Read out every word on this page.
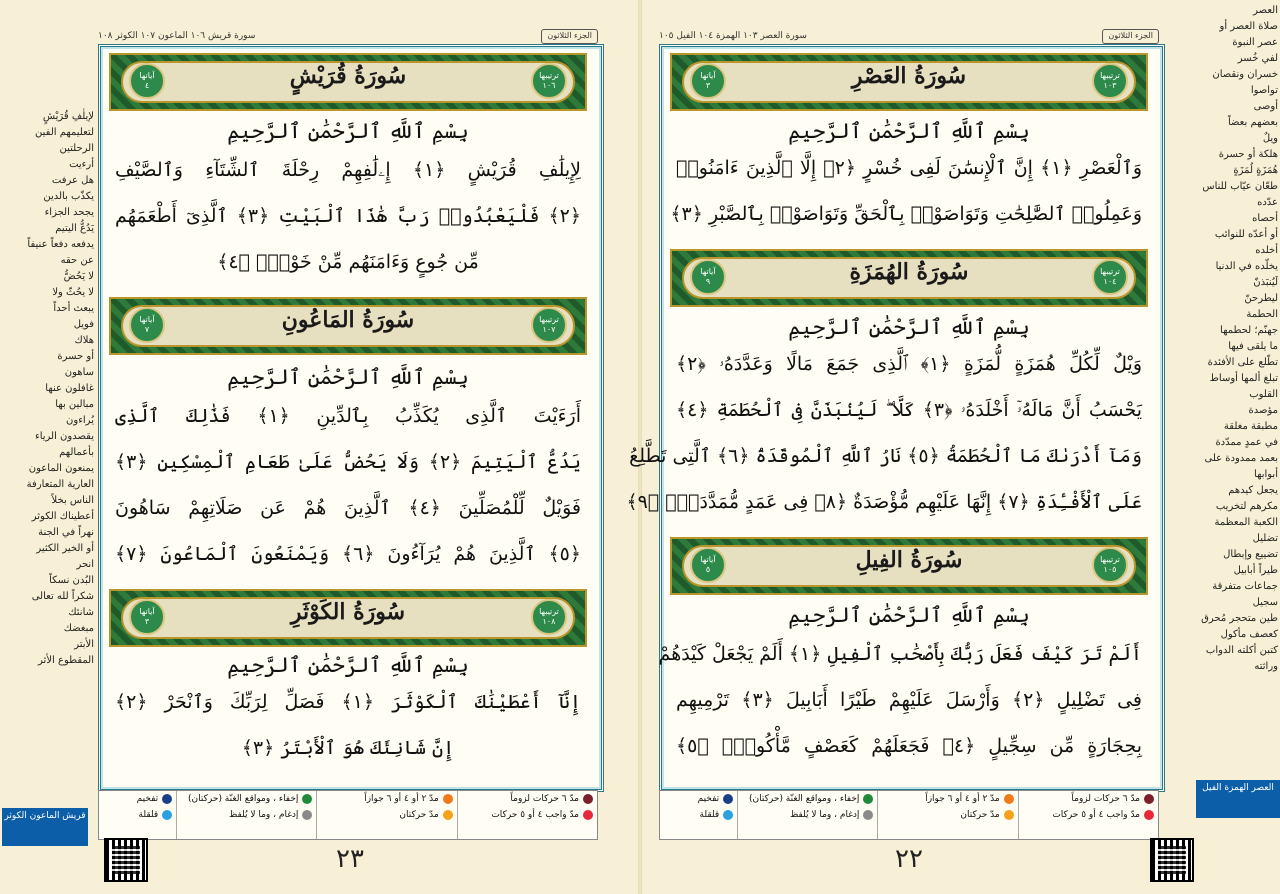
الجزء الثلاثون
سورة قريش ١٠٦ الماعون ١٠٧ الكوثر ١٠٨
ترتيبها
١٠٦
آياتها
٤	سُورَةُ قُرَيْشٍ
بِسْمِ ٱللَّهِ ٱلرَّحْمَٰنِ ٱلرَّحِيمِ
لِإِيلَٰفِ قُرَيْشٍ ﴿١﴾ إِۦلَٰفِهِمْ رِحْلَةَ ٱلشِّتَآءِ وَٱلصَّيْفِ
﴿٢﴾ فَلْيَعْبُدُوا۟ رَبَّ هَٰذَا ٱلْبَيْتِ ﴿٣﴾ ٱلَّذِىٓ أَطْعَمَهُم
مِّن جُوعٍ وَءَامَنَهُم مِّنْ خَوْفٍۭ ﴿٤﴾
ترتيبها
١٠٧
آياتها
٧	سُورَةُ المَاعُونِ
بِسْمِ ٱللَّهِ ٱلرَّحْمَٰنِ ٱلرَّحِيمِ
أَرَءَيْتَ ٱلَّذِى يُكَذِّبُ بِٱلدِّينِ ﴿١﴾ فَذَٰلِكَ ٱلَّذِى
يَدُعُّ ٱلْيَتِيمَ ﴿٢﴾ وَلَا يَحُضُّ عَلَىٰ طَعَامِ ٱلْمِسْكِينِ ﴿٣﴾
فَوَيْلٌ لِّلْمُصَلِّينَ ﴿٤﴾ ٱلَّذِينَ هُمْ عَن صَلَاتِهِمْ سَاهُونَ
﴿٥﴾ ٱلَّذِينَ هُمْ يُرَآءُونَ ﴿٦﴾ وَيَمْنَعُونَ ٱلْمَاعُونَ ﴿٧﴾
ترتيبها
١٠٨
آياتها
٣	سُورَةُ الكَوْثَرِ
بِسْمِ ٱللَّهِ ٱلرَّحْمَٰنِ ٱلرَّحِيمِ
إِنَّآ أَعْطَيْنَٰكَ ٱلْكَوْثَرَ ﴿١﴾ فَصَلِّ لِرَبِّكَ وَٱنْحَرْ ﴿٢﴾
إِنَّ شَانِئَكَ هُوَ ٱلْأَبْتَرُ ﴿٣﴾
مدّ ٦ حركات لزوماً
مدّ واجب ٤ أو ٥ حركات
مدّ ٢ أو ٤ أو ٦ جوازاً
مدّ حركتان
إخفاء ، ومواقع الغنّة (حركتان)
إدغام ، وما لا يُلفظ
تفخيم
قلقلة
٢٣
لإيلٰفِ قُرَيْشٍ
لتعليمهم الفين
الرحلتين
أرءيت
هل عرفت
يكذّب بالدين
يجحد الجزاء
يَدُعُّ اليتيم
يدفعه دفعاً عنيفاً
عن حقه
لا يَحُضُّ
لا يحُثّ ولا
يبعث أحداً
فويل
هلاك
أو حسرة
ساهون
غافلون عنها
مبالين بها
يُراءون
يقصدون الرياء
بأعمالهم
يمنعون الماعون
العارية المتعارفة
الناس بخلاً
أعطيناك الكوثر
نهراً في الجنة
أو الخير الكثير
انحر
البُدن نسكاً
شكراً لله تعالى
شانئك
مبغضك
الأبتر
المقطوع الأثر
قريش الماعون الكوثر
الجزء الثلاثون
سورة العصر ١٠٣ الهمزة ١٠٤ الفيل ١٠٥
ترتيبها
١٠٣
آياتها
٣	سُورَةُ العَصْرِ
بِسْمِ ٱللَّهِ ٱلرَّحْمَٰنِ ٱلرَّحِيمِ
وَٱلْعَصْرِ ﴿١﴾ إِنَّ ٱلْإِنسَٰنَ لَفِى خُسْرٍ ﴿٢﴾ إِلَّا ٱلَّذِينَ ءَامَنُوا۟
وَعَمِلُوا۟ ٱلصَّٰلِحَٰتِ وَتَوَاصَوْا۟ بِٱلْحَقِّ وَتَوَاصَوْا۟ بِٱلصَّبْرِ ﴿٣﴾
ترتيبها
١٠٤
آياتها
٩	سُورَةُ الهُمَزَةِ
بِسْمِ ٱللَّهِ ٱلرَّحْمَٰنِ ٱلرَّحِيمِ
وَيْلٌ لِّكُلِّ هُمَزَةٍ لُّمَزَةٍ ﴿١﴾ ٱلَّذِى جَمَعَ مَالًا وَعَدَّدَهُۥ ﴿٢﴾
يَحْسَبُ أَنَّ مَالَهُۥٓ أَخْلَدَهُۥ ﴿٣﴾ كَلَّا ۖ لَيُنۢبَذَنَّ فِى ٱلْحُطَمَةِ ﴿٤﴾
وَمَآ أَدْرَىٰكَ مَا ٱلْحُطَمَةُ ﴿٥﴾ نَارُ ٱللَّهِ ٱلْمُوقَدَةُ ﴿٦﴾ ٱلَّتِى تَطَّلِعُ
عَلَى ٱلْأَفْـِٔدَةِ ﴿٧﴾ إِنَّهَا عَلَيْهِم مُّؤْصَدَةٌ ﴿٨﴾ فِى عَمَدٍ مُّمَدَّدَةٍۭ ﴿٩﴾
ترتيبها
١٠٥
آياتها
٥	سُورَةُ الفِيلِ
بِسْمِ ٱللَّهِ ٱلرَّحْمَٰنِ ٱلرَّحِيمِ
أَلَمْ تَرَ كَيْفَ فَعَلَ رَبُّكَ بِأَصْحَٰبِ ٱلْفِيلِ ﴿١﴾ أَلَمْ يَجْعَلْ كَيْدَهُمْ
فِى تَضْلِيلٍ ﴿٢﴾ وَأَرْسَلَ عَلَيْهِمْ طَيْرًا أَبَابِيلَ ﴿٣﴾ تَرْمِيهِم
بِحِجَارَةٍ مِّن سِجِّيلٍ ﴿٤﴾ فَجَعَلَهُمْ كَعَصْفٍ مَّأْكُولٍۭ ﴿٥﴾
مدّ ٦ حركات لزوماً
مدّ واجب ٤ أو ٥ حركات
مدّ ٢ أو ٤ أو ٦ جوازاً
مدّ حركتان
إخفاء ، ومواقع الغنّة (حركتان)
إدغام ، وما لا يُلفظ
تفخيم
قلقلة
٢٢
العصر
صلاة العصر أو
عصر النبوة
لفي خُسر
خسران ونقصان
تواصوا
أوصى
بعضهم بعضاً
ويلٌ
هلكة أو حسرة
هُمَزَةٍ لُمَزَةٍ
طعّان عيّاب للناس
عدّده
أحصاه
أو أعدّه للنوائب
أخلده
يخلّده في الدنيا
لَيُنبَذنّ
ليطرحنّ
الحطمة
جهنّم؛ لحطمها
ما يلقى فيها
تطّلع على الأفئدة
تبلغ ألمها أوساط
القلوب
مؤصدة
مطبقة مغلقة
في عمدٍ ممدّدة
بعمد ممدودة على
أبوابها
يجعل كيدهم
مكرهم لتخريب
الكعبة المعظمة
تضليل
تضييع وإبطال
طيراً أبابيل
جماعات متفرقة
سجيل
طين متحجر مُحرق
كعصف مأكول
كتبن أكلته الدواب
وراثته
العصر الهمزة الفيل
